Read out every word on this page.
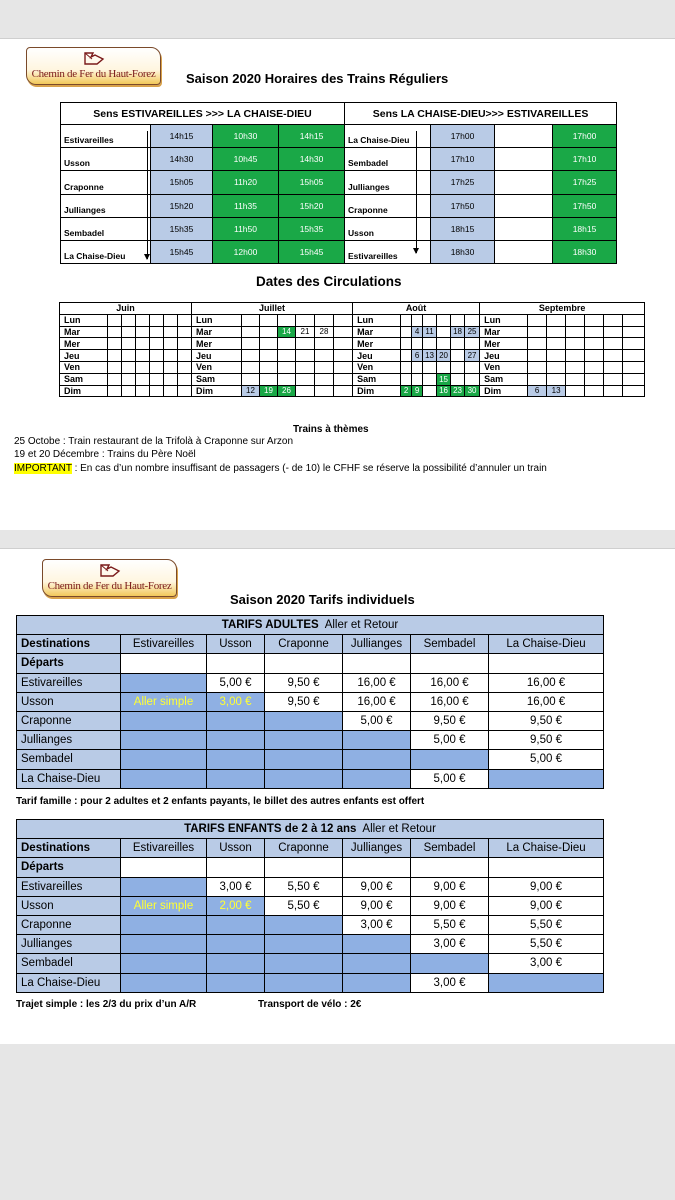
Chemin de Fer du Haut-Forez Saison 2020 Horaires des Trains Réguliers
Sens ESTIVAREILLES >>> LA CHAISE-DIEU				Sens LA CHAISE-DIEU>>> ESTIVAREILLES			
Estivareilles	14h15	10h30	14h15	La Chaise-Dieu	17h00		17h00
Usson	14h30	10h45	14h30	Sembadel	17h10		17h10
Craponne	15h05	11h20	15h05	Jullianges	17h25		17h25
Jullianges	15h20	11h35	15h20	Craponne	17h50		17h50
Sembadel	15h35	11h50	15h35	Usson	18h15		18h15
La Chaise-Dieu	15h45	12h00	15h45	Estivareilles	18h30		18h30
Dates des Circulations
Juin							Juillet							Août							Septembre						
Lun							Lun							Lun							Lun						
Mar							Mar			14	21	28		Mar		4	11		18	25	Mar						
Mer							Mer							Mer							Mer						
Jeu							Jeu							Jeu		6	13	20		27	Jeu						
Ven							Ven							Ven							Ven						
Sam							Sam							Sam				15			Sam						
Dim							Dim	12	19	26				Dim	2	9		16	23	30	Dim	6	13				
Trains à thèmes
25 Octobe : Train restaurant de la Trifolà à Craponne sur Arzon
19 et 20 Décembre : Trains du Père Noël
IMPORTANT : En cas d’un nombre insuffisant de passagers (- de 10) le CFHF se réserve la possibilité d’annuler un train
Chemin de Fer du Haut-Forez
Saison 2020 Tarifs individuels
TARIFS ADULTES Aller et Retour						
Destinations	Estivareilles	Usson	Craponne	Jullianges	Sembadel	La Chaise-Dieu
Départs						
Estivareilles		5,00 €	9,50 €	16,00 €	16,00 €	16,00 €
Usson	Aller simple	3,00 €	9,50 €	16,00 €	16,00 €	16,00 €
Craponne				5,00 €	9,50 €	9,50 €
Jullianges					5,00 €	9,50 €
Sembadel						5,00 €
La Chaise-Dieu					5,00 €	
Tarif famille : pour 2 adultes et 2 enfants payants, le billet des autres enfants est offert
TARIFS ENFANTS de 2 à 12 ans Aller et Retour						
Destinations	Estivareilles	Usson	Craponne	Jullianges	Sembadel	La Chaise-Dieu
Départs						
Estivareilles		3,00 €	5,50 €	9,00 €	9,00 €	9,00 €
Usson	Aller simple	2,00 €	5,50 €	9,00 €	9,00 €	9,00 €
Craponne				3,00 €	5,50 €	5,50 €
Jullianges					3,00 €	5,50 €
Sembadel						3,00 €
La Chaise-Dieu					3,00 €	
Trajet simple : les 2/3 du prix d’un A/R	Transport de vélo : 2€
